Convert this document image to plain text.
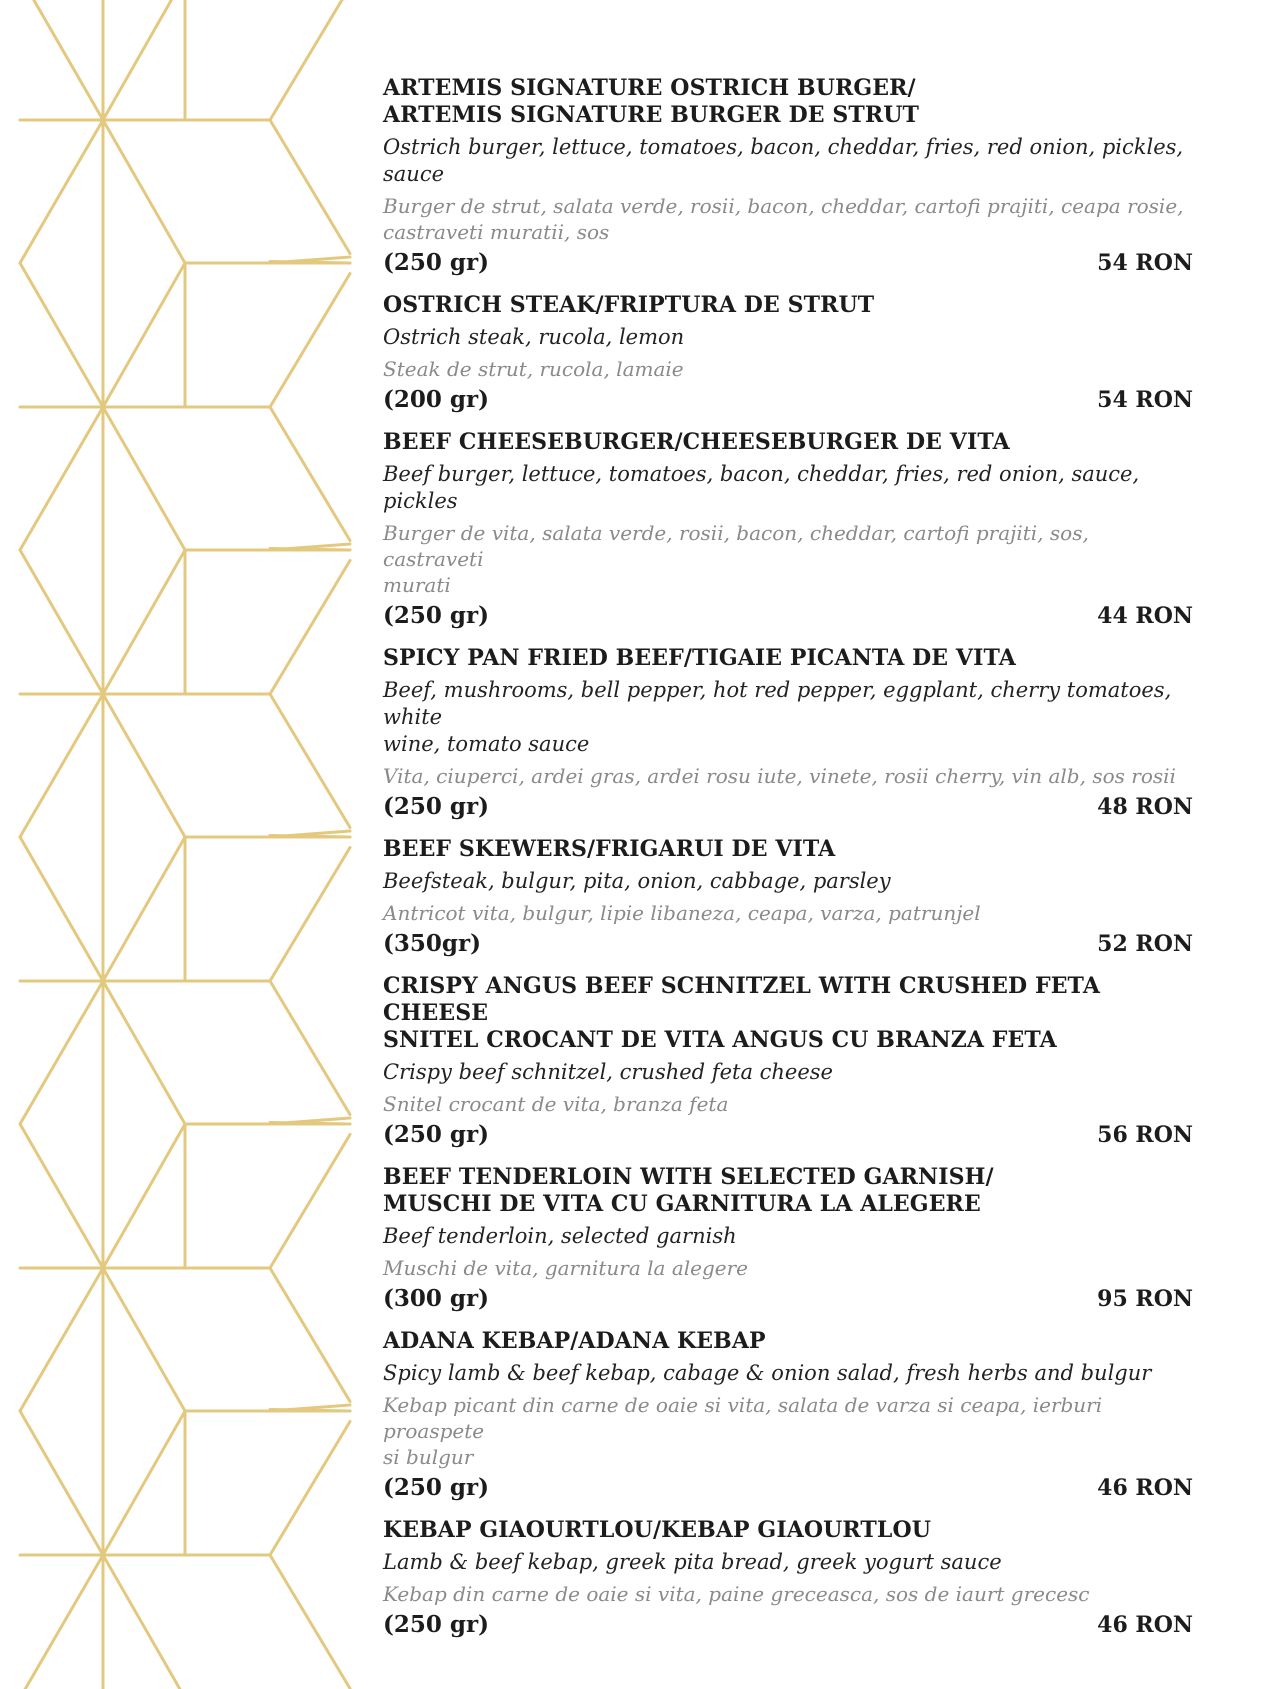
ARTEMIS SIGNATURE OSTRICH BURGER/
ARTEMIS SIGNATURE BURGER DE STRUT
Ostrich burger, lettuce, tomatoes, bacon, cheddar, fries, red onion, pickles,
sauce
Burger de strut, salata verde, rosii, bacon, cheddar, cartofi prajiti, ceapa rosie,
castraveti muratii, sos
(250 gr)	54 RON
OSTRICH STEAK/FRIPTURA DE STRUT
Ostrich steak, rucola, lemon
Steak de strut, rucola, lamaie
(200 gr)	54 RON
BEEF CHEESEBURGER/CHEESEBURGER DE VITA
Beef burger, lettuce, tomatoes, bacon, cheddar, fries, red onion, sauce, pickles
Burger de vita, salata verde, rosii, bacon, cheddar, cartofi prajiti, sos, castraveti
murati
(250 gr)	44 RON
SPICY PAN FRIED BEEF/TIGAIE PICANTA DE VITA
Beef, mushrooms, bell pepper, hot red pepper, eggplant, cherry tomatoes, white
wine, tomato sauce
Vita, ciuperci, ardei gras, ardei rosu iute, vinete, rosii cherry, vin alb, sos rosii
(250 gr)	48 RON
BEEF SKEWERS/FRIGARUI DE VITA
Beefsteak, bulgur, pita, onion, cabbage, parsley
Antricot vita, bulgur, lipie libaneza, ceapa, varza, patrunjel
(350gr)	52 RON
CRISPY ANGUS BEEF SCHNITZEL WITH CRUSHED FETA CHEESE
SNITEL CROCANT DE VITA ANGUS CU BRANZA FETA
Crispy beef schnitzel, crushed feta cheese
Snitel crocant de vita, branza feta
(250 gr)	56 RON
BEEF TENDERLOIN WITH SELECTED GARNISH/
MUSCHI DE VITA CU GARNITURA LA ALEGERE
Beef tenderloin, selected garnish
Muschi de vita, garnitura la alegere
(300 gr)	95 RON
ADANA KEBAP/ADANA KEBAP
Spicy lamb & beef kebap, cabage & onion salad, fresh herbs and bulgur
Kebap picant din carne de oaie si vita, salata de varza si ceapa, ierburi proaspete
si bulgur
(250 gr)	46 RON
KEBAP GIAOURTLOU/KEBAP GIAOURTLOU
Lamb & beef kebap, greek pita bread, greek yogurt sauce
Kebap din carne de oaie si vita, paine greceasca, sos de iaurt grecesc
(250 gr)	46 RON
